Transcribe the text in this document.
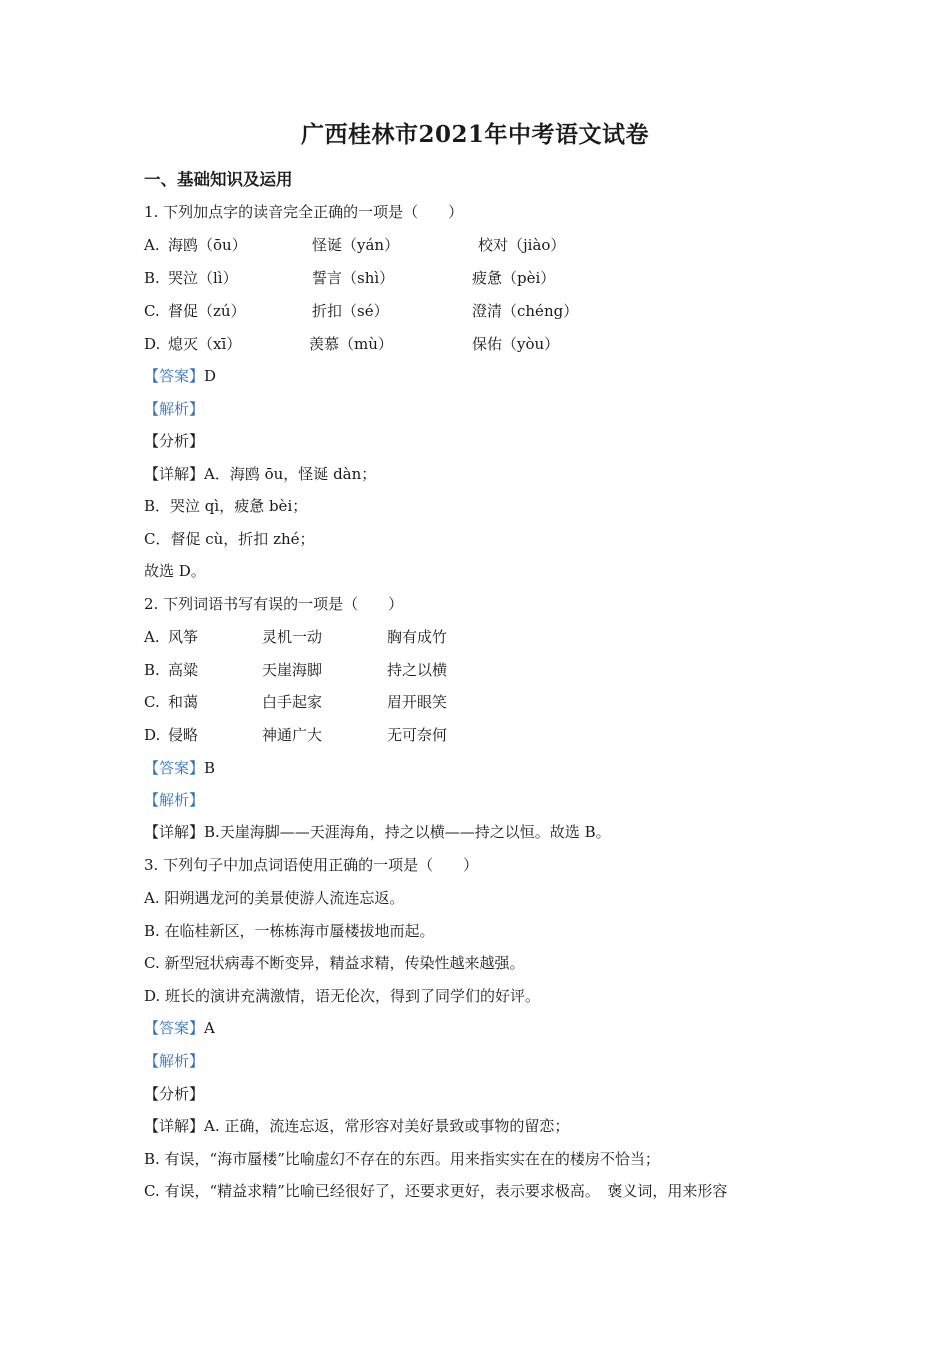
广西桂林市2021年中考语文试卷
一、基础知识及运用
1. 下列加点字的读音完全正确的一项是（　　）
A. 海鸥（ōu）	怪诞（yán）	校对（jiào）
B. 哭泣（lì）	誓言（shì）	疲惫（pèi）
C. 督促（zú）	折扣（sé）	澄清（chéng）
D. 熄灭（xī）	羡慕（mù）	保佑（yòu）
【答案】D
【解析】
【分析】
【详解】A．海鸥 ōu，怪诞 dàn；
B．哭泣 qì，疲惫 bèi；
C．督促 cù，折扣 zhé；
故选 D。
2. 下列词语书写有误的一项是（　　）
A. 风筝	灵机一动	胸有成竹
B. 高粱	天崖海脚	持之以横
C. 和蔼	白手起家	眉开眼笑
D. 侵略	神通广大	无可奈何
【答案】B
【解析】
【详解】B.天崖海脚——天涯海角，持之以横——持之以恒。故选 B。
3. 下列句子中加点词语使用正确的一项是（　　）
A. 阳朔遇龙河的美景使游人流连忘返。
B. 在临桂新区，一栋栋海市蜃楼拔地而起。
C. 新型冠状病毒不断变异，精益求精，传染性越来越强。
D. 班长的演讲充满激情，语无伦次，得到了同学们的好评。
【答案】A
【解析】
【分析】
【详解】A. 正确，流连忘返，常形容对美好景致或事物的留恋；
B. 有误，“海市蜃楼”比喻虚幻不存在的东西。用来指实实在在的楼房不恰当；
C. 有误，“精益求精”比喻已经很好了，还要求更好，表示要求极高。　褒义词，用来形容
